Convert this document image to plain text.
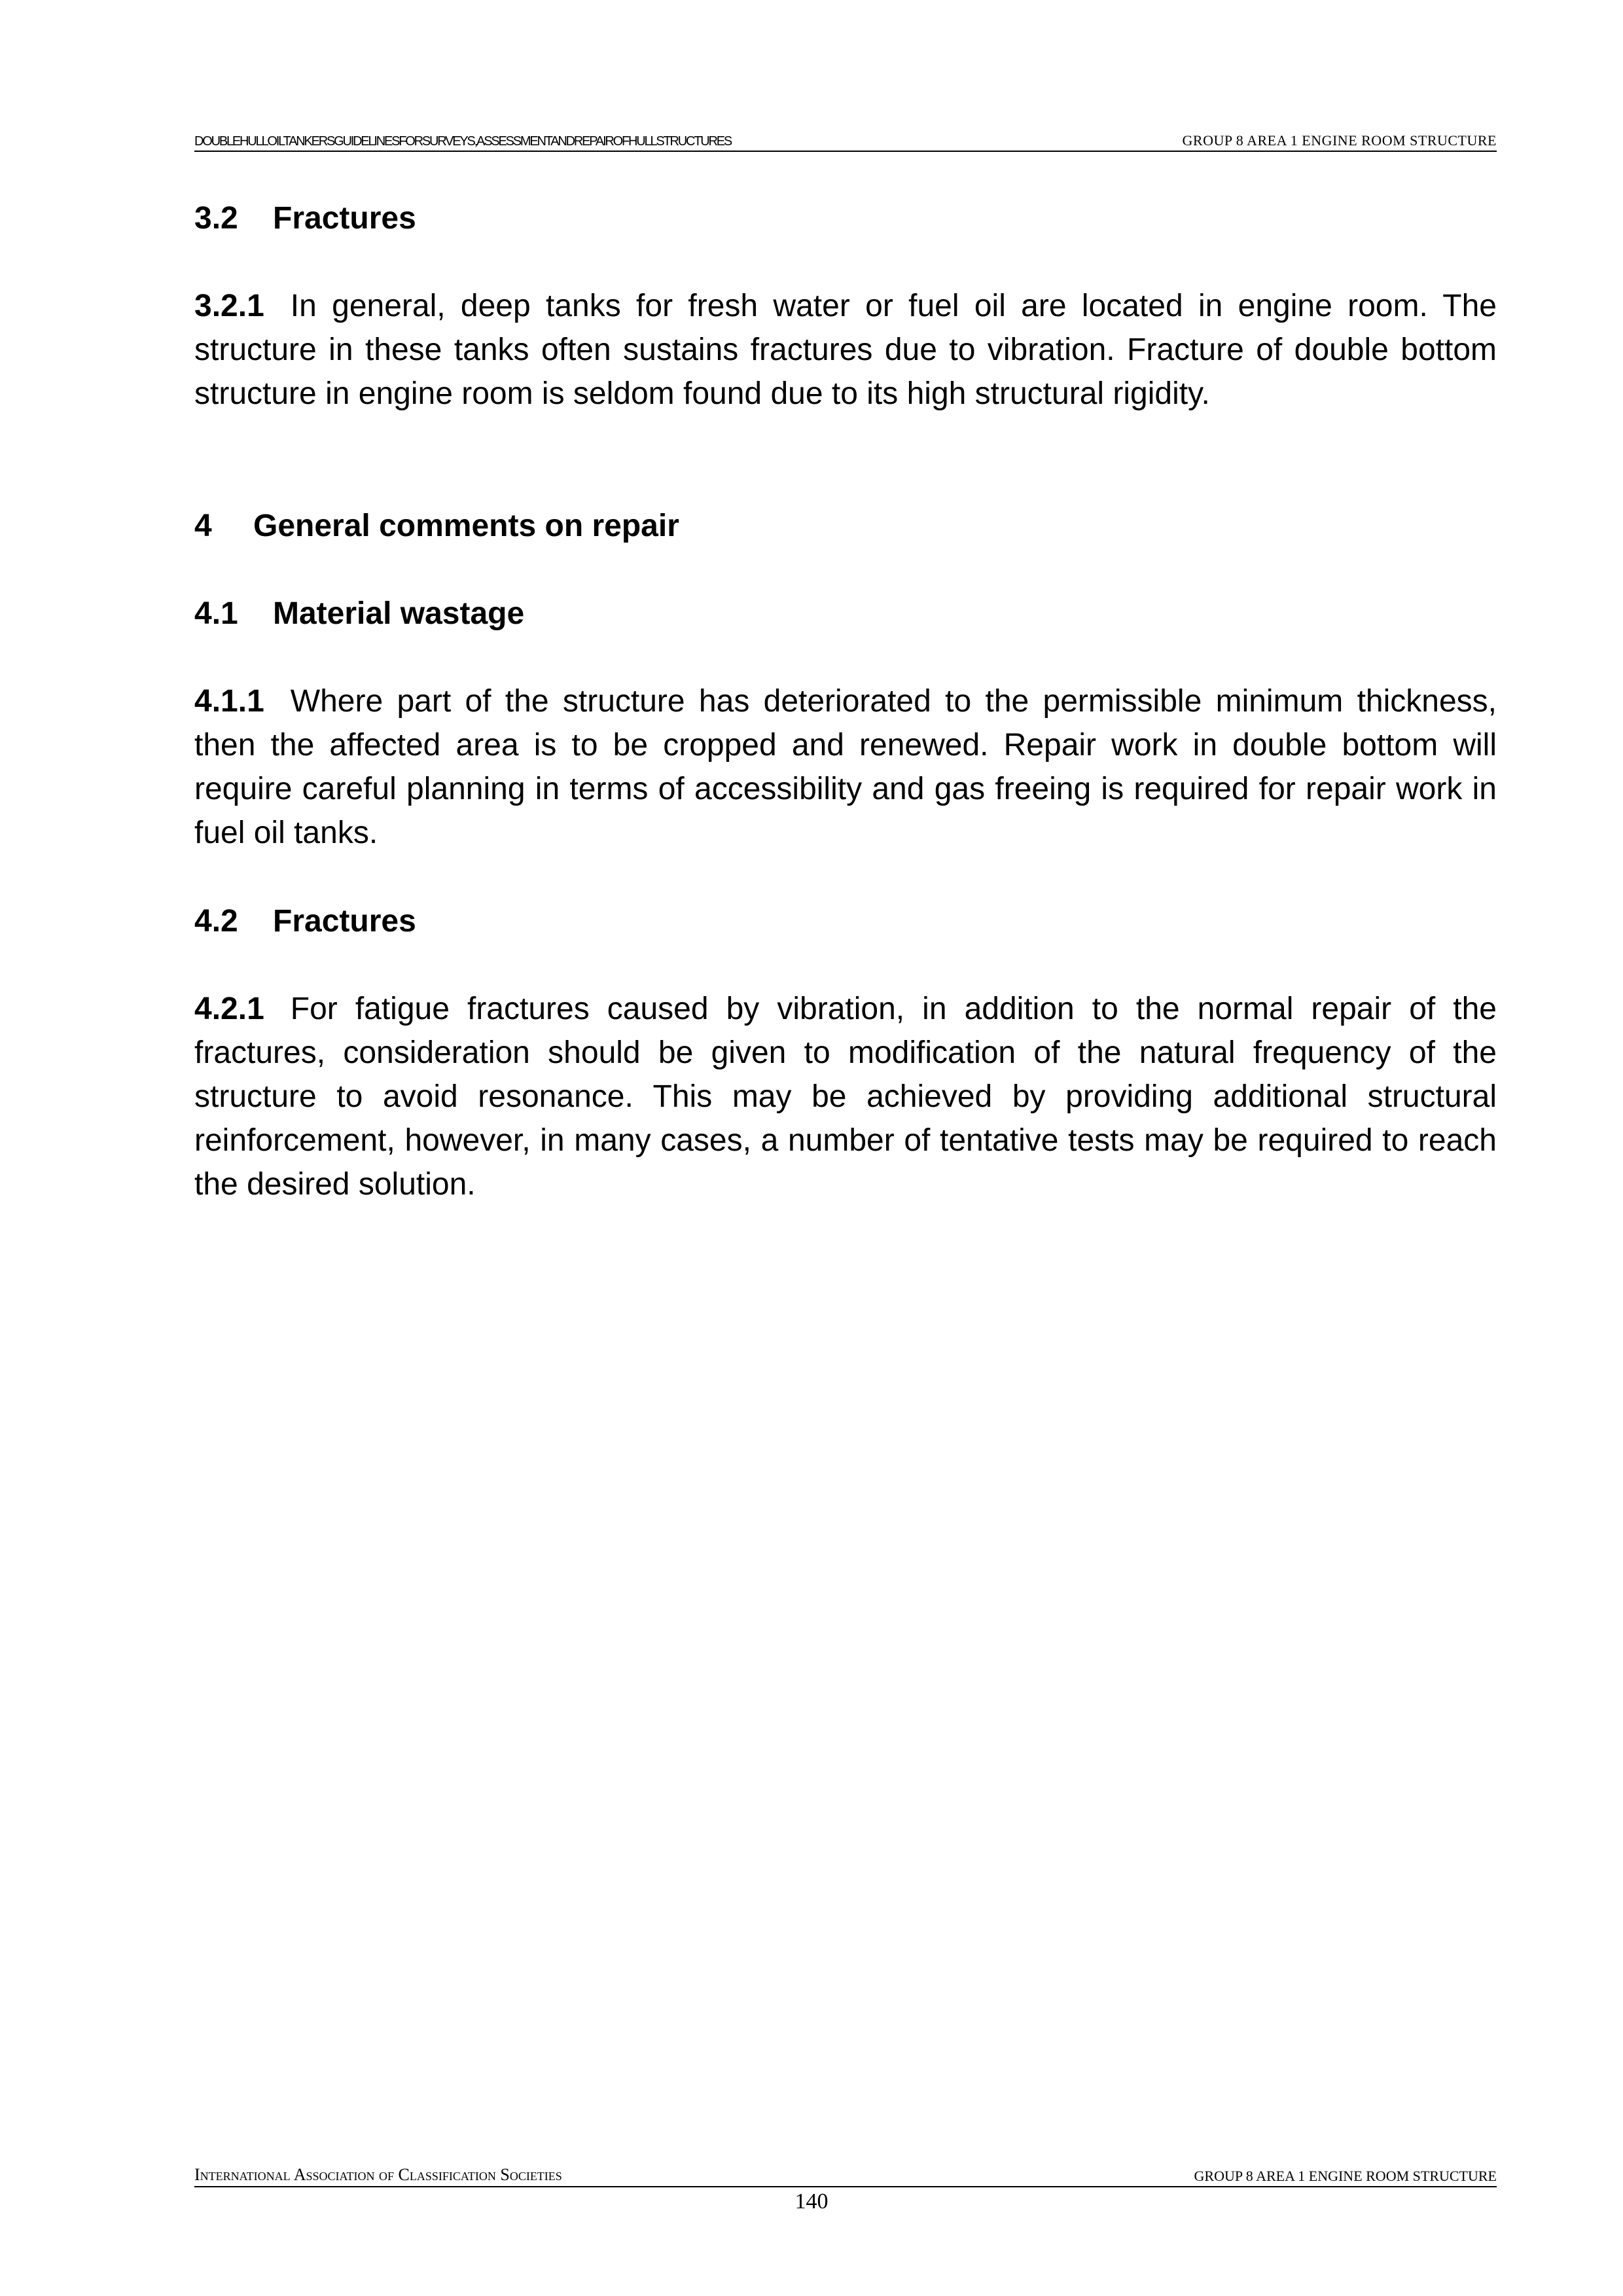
DOUBLEHULLOILTANKERSGUIDELINESFORSURVEYS,ASSESSMENTANDREPAIROFHULLSTRUCTURES	GROUP 8 AREA 1 ENGINE ROOM STRUCTURE
3.2 Fractures
3.2.1 In general, deep tanks for fresh water or fuel oil are located in engine room. The structure in these tanks often sustains fractures due to vibration. Fracture of double bottom structure in engine room is seldom found due to its high structural rigidity.
4 General comments on repair
4.1 Material wastage
4.1.1 Where part of the structure has deteriorated to the permissible minimum thickness, then the affected area is to be cropped and renewed. Repair work in double bottom will require careful planning in terms of accessibility and gas freeing is required for repair work in fuel oil tanks.
4.2 Fractures
4.2.1 For fatigue fractures caused by vibration, in addition to the normal repair of the fractures, consideration should be given to modification of the natural frequency of the structure to avoid resonance. This may be achieved by providing additional structural reinforcement, however, in many cases, a number of tentative tests may be required to reach the desired solution.
International Association of Classification Societies	GROUP 8 AREA 1 ENGINE ROOM STRUCTURE
140
